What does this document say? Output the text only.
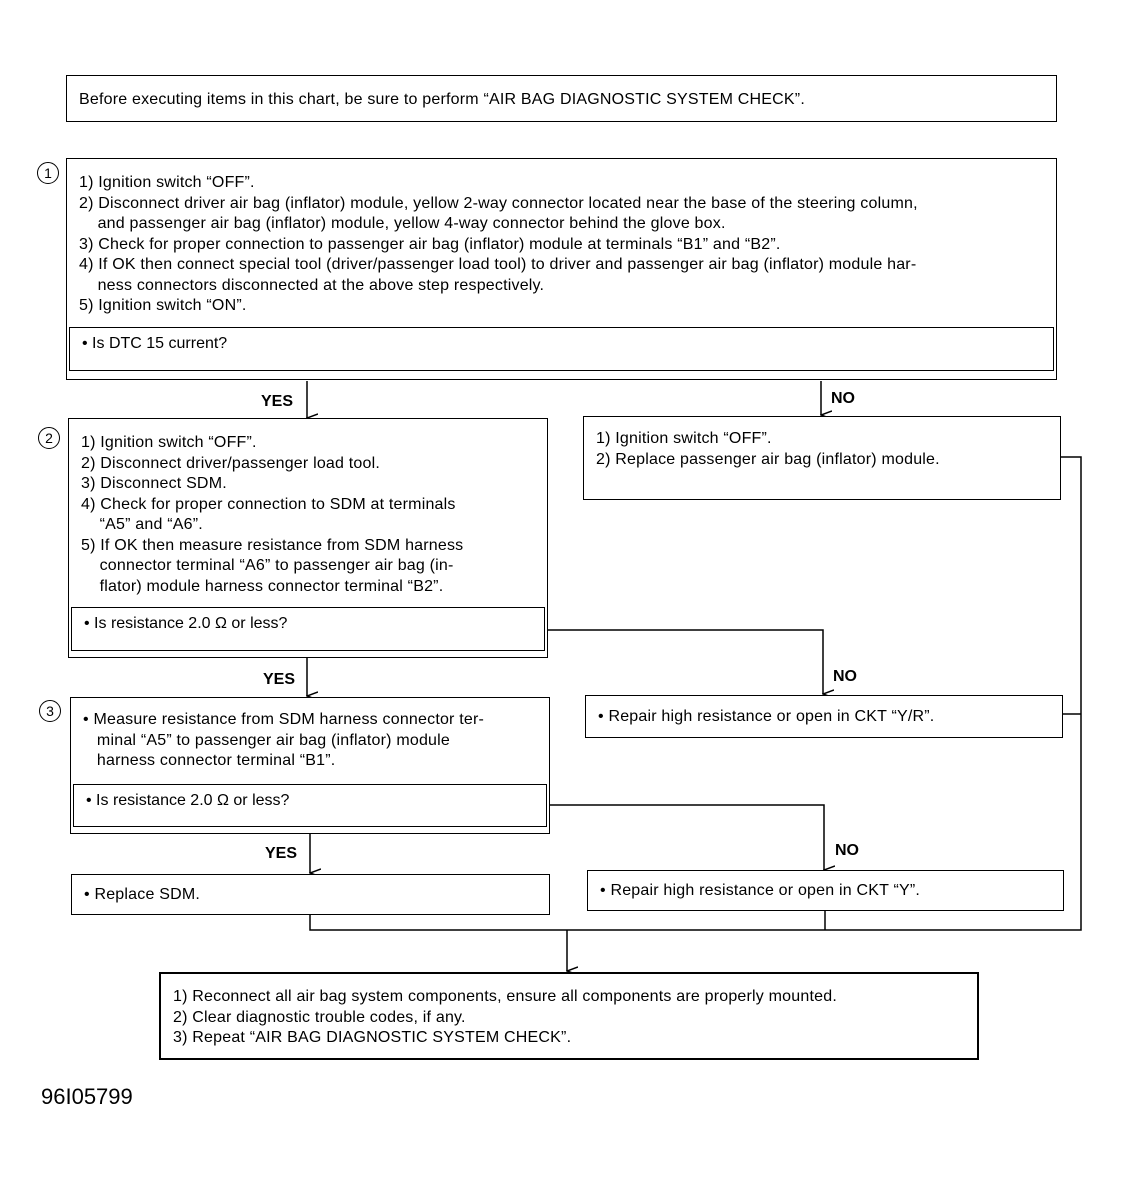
Before executing items in this chart, be sure to perform “AIR BAG DIAGNOSTIC SYSTEM CHECK”.
1
1) Ignition switch “OFF”.
2) Disconnect driver air bag (inflator) module, yellow 2-way connector located near the base of the steering column,
and passenger air bag (inflator) module, yellow 4-way connector behind the glove box.
3) Check for proper connection to passenger air bag (inflator) module at terminals “B1” and “B2”.
4) If OK then connect special tool (driver/passenger load tool) to driver and passenger air bag (inflator) module har-
ness connectors disconnected at the above step respectively.
5) Ignition switch “ON”.
• Is DTC 15 current?
YES	NO
2	1) Ignition switch “OFF”.
2) Disconnect driver/passenger load tool.
3) Disconnect SDM.
4) Check for proper connection to SDM at terminals
“A5” and “A6”.
5) If OK then measure resistance from SDM harness
connector terminal “A6” to passenger air bag (in-
flator) module harness connector terminal “B2”.
• Is resistance 2.0 Ω or less?
1) Ignition switch “OFF”.
2) Replace passenger air bag (inflator) module.
YES	NO
3	• Measure resistance from SDM harness connector ter-
minal “A5” to passenger air bag (inflator) module
harness connector terminal “B1”.
• Is resistance 2.0 Ω or less?
• Repair high resistance or open in CKT “Y/R”.
YES	NO
• Replace SDM.	• Repair high resistance or open in CKT “Y”.
1) Reconnect all air bag system components, ensure all components are properly mounted.
2) Clear diagnostic trouble codes, if any.
3) Repeat “AIR BAG DIAGNOSTIC SYSTEM CHECK”.
96I05799
